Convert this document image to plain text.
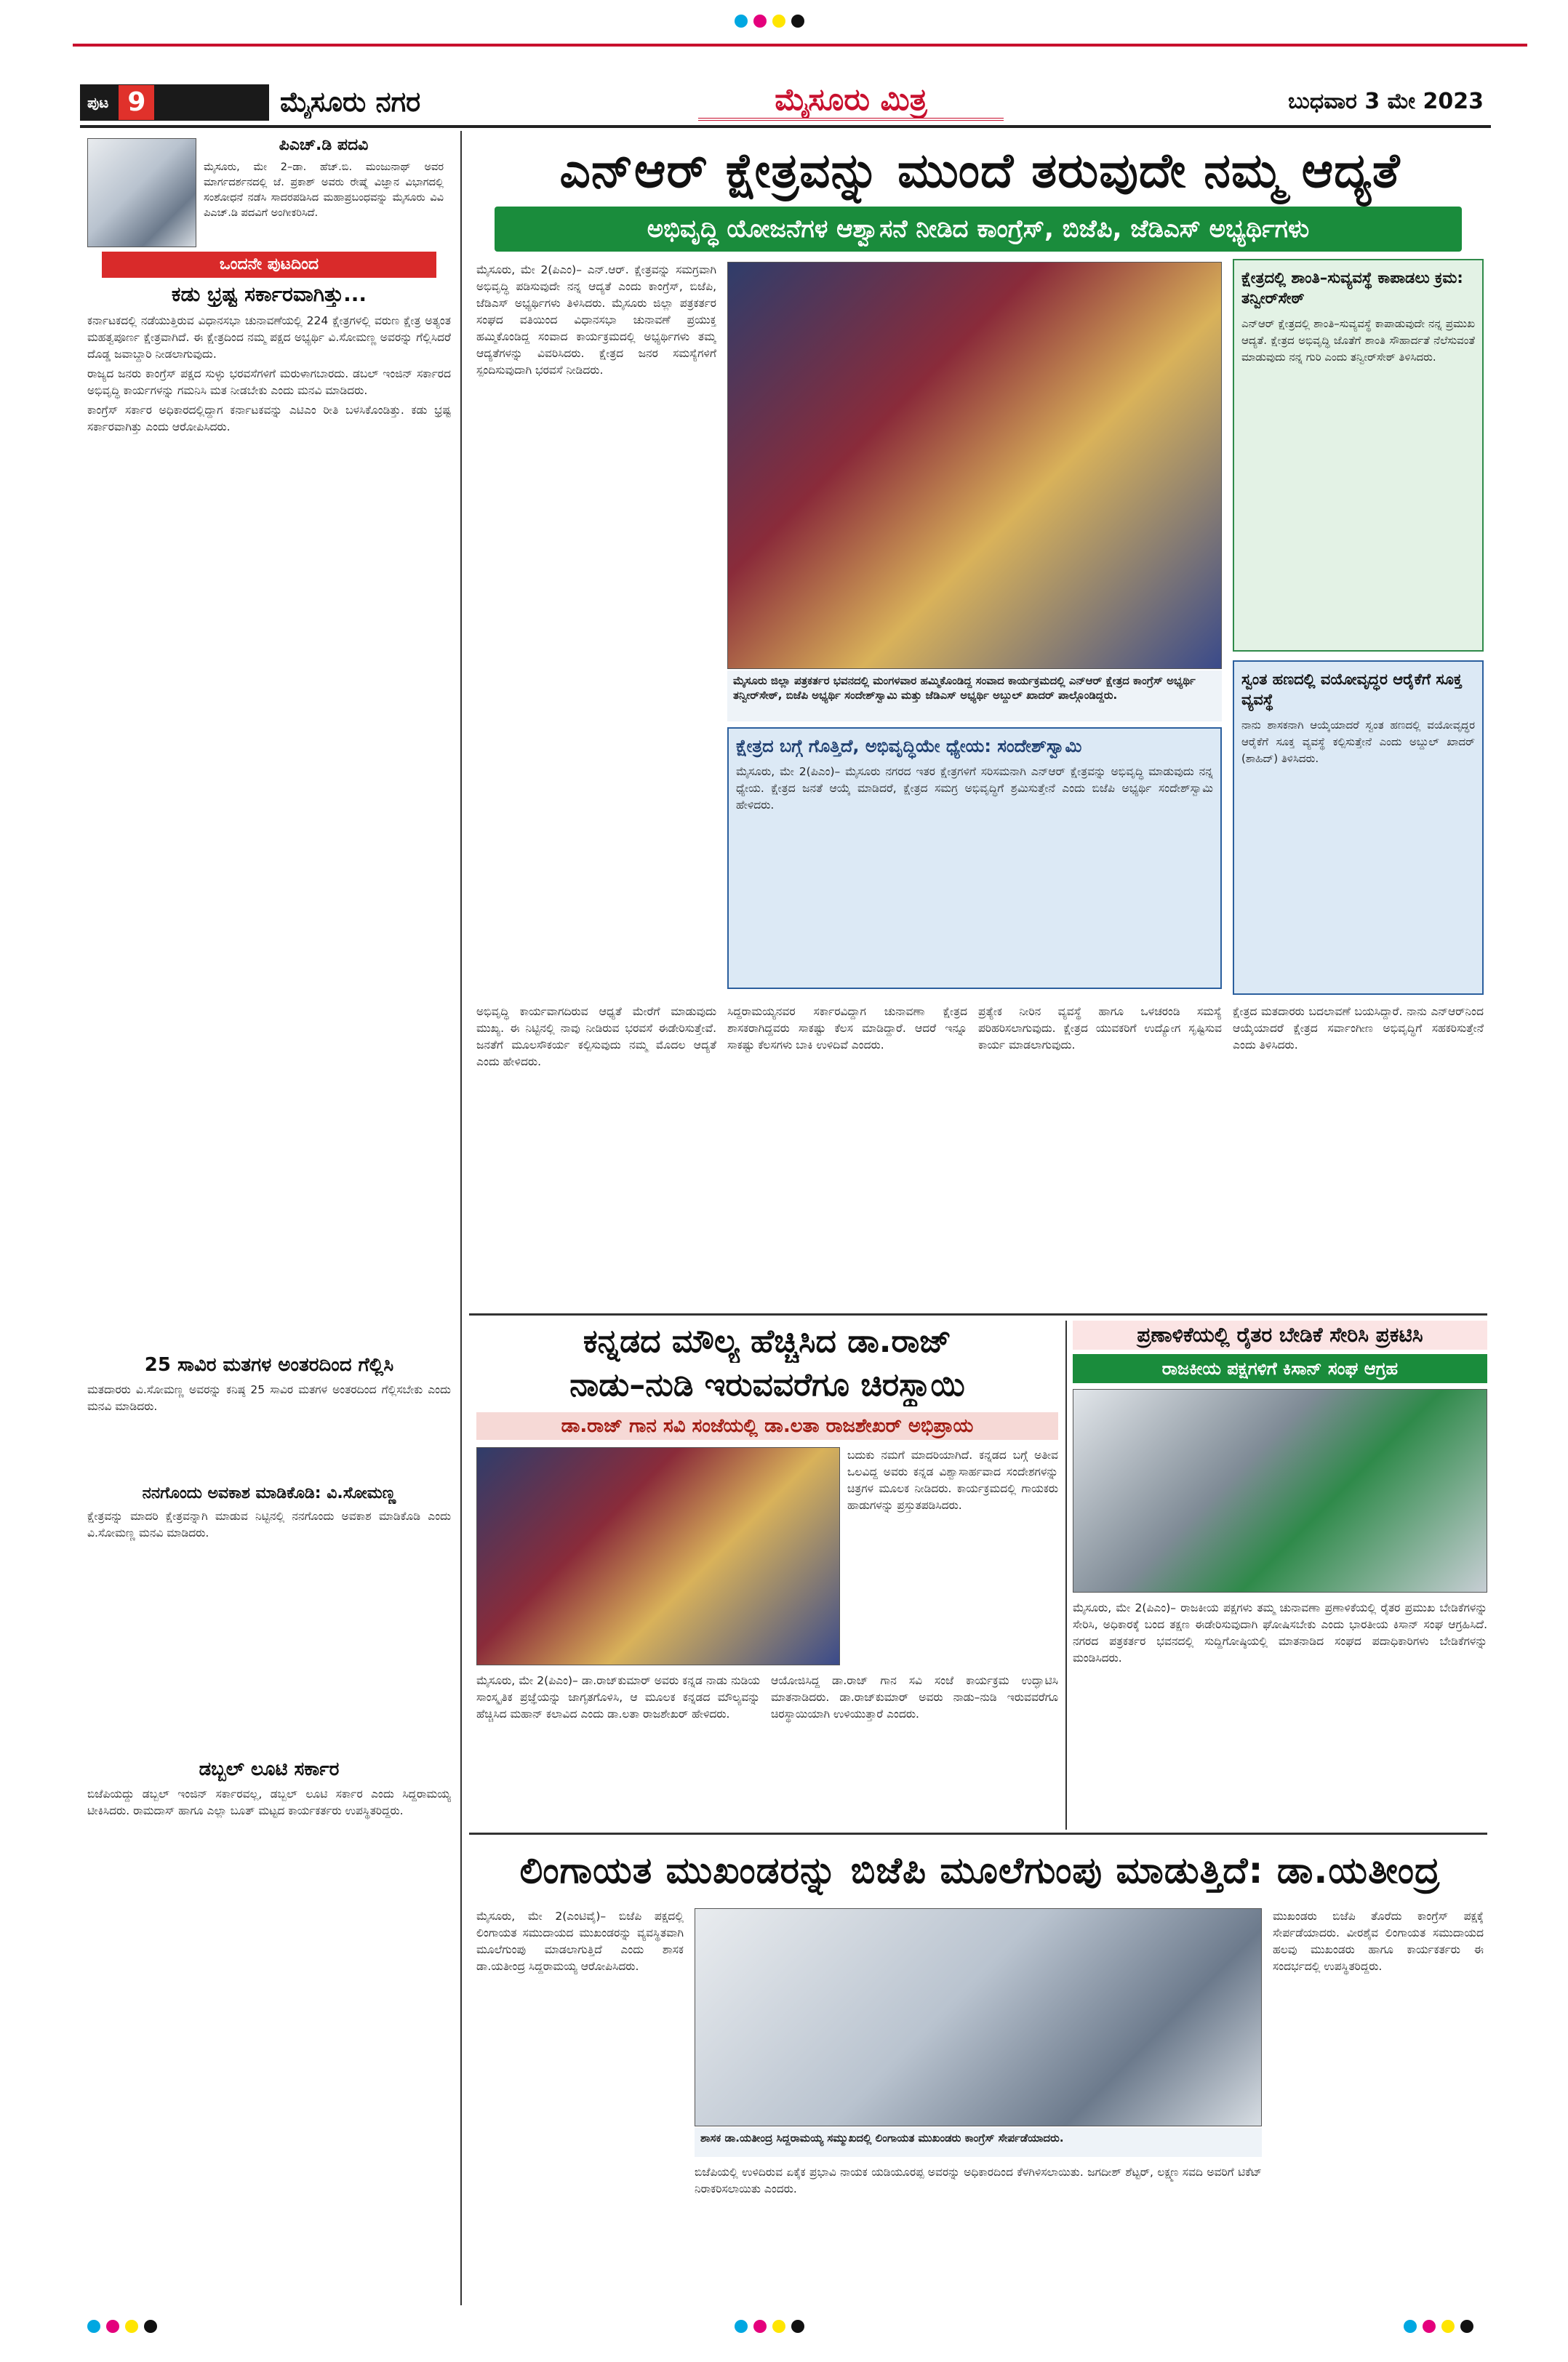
ಪುಟ 9	ಮೈಸೂರು ನಗರ	ಮೈಸೂರು ಮಿತ್ರ	ಬುಧವಾರ 3 ಮೇ 2023
ಪಿಎಚ್‌.ಡಿ ಪದವಿ
ಮೈಸೂರು, ಮೇ 2–ಡಾ. ಹೆಚ್‌.ಬಿ. ಮಂಜುನಾಥ್ ಅವರ ಮಾರ್ಗದರ್ಶನದಲ್ಲಿ ಜೆ. ಪ್ರಕಾಶ್ ಅವರು ರೇಷ್ಮೆ ವಿಜ್ಞಾನ ವಿಭಾಗದಲ್ಲಿ ಸಂಶೋಧನೆ ನಡೆಸಿ ಸಾದರಪಡಿಸಿದ ಮಹಾಪ್ರಬಂಧವನ್ನು ಮೈಸೂರು ವಿವಿ ಪಿಎಚ್‌.ಡಿ ಪದವಿಗೆ ಅಂಗೀಕರಿಸಿದೆ.
ಒಂದನೇ ಪುಟದಿಂದ
ಕಡು ಭ್ರಷ್ಟ ಸರ್ಕಾರವಾಗಿತ್ತು...

ಕರ್ನಾಟಕದಲ್ಲಿ ನಡೆಯುತ್ತಿರುವ ವಿಧಾನಸಭಾ ಚುನಾವಣೆಯಲ್ಲಿ 224 ಕ್ಷೇತ್ರಗಳಲ್ಲಿ ವರುಣ ಕ್ಷೇತ್ರ ಅತ್ಯಂತ ಮಹತ್ವಪೂರ್ಣ ಕ್ಷೇತ್ರವಾಗಿದೆ. ಈ ಕ್ಷೇತ್ರದಿಂದ ನಮ್ಮ ಪಕ್ಷದ ಅಭ್ಯರ್ಥಿ ವಿ.ಸೋಮಣ್ಣ ಅವರನ್ನು ಗೆಲ್ಲಿಸಿದರೆ ದೊಡ್ಡ ಜವಾಬ್ದಾರಿ ನೀಡಲಾಗುವುದು.

ರಾಜ್ಯದ ಜನರು ಕಾಂಗ್ರೆಸ್ ಪಕ್ಷದ ಸುಳ್ಳು ಭರವಸೆಗಳಿಗೆ ಮರುಳಾಗಬಾರದು. ಡಬಲ್ ಇಂಜಿನ್ ಸರ್ಕಾರದ ಅಭಿವೃದ್ಧಿ ಕಾರ್ಯಗಳನ್ನು ಗಮನಿಸಿ ಮತ ನೀಡಬೇಕು ಎಂದು ಮನವಿ ಮಾಡಿದರು.

ಕಾಂಗ್ರೆಸ್ ಸರ್ಕಾರ ಅಧಿಕಾರದಲ್ಲಿದ್ದಾಗ ಕರ್ನಾಟಕವನ್ನು ಎಟಿಎಂ ರೀತಿ ಬಳಸಿಕೊಂಡಿತ್ತು. ಕಡು ಭ್ರಷ್ಟ ಸರ್ಕಾರವಾಗಿತ್ತು ಎಂದು ಆರೋಪಿಸಿದರು.

25 ಸಾವಿರ ಮತಗಳ ಅಂತರದಿಂದ ಗೆಲ್ಲಿಸಿ
ಮತದಾರರು ವಿ.ಸೋಮಣ್ಣ ಅವರನ್ನು ಕನಿಷ್ಠ 25 ಸಾವಿರ ಮತಗಳ ಅಂತರದಿಂದ ಗೆಲ್ಲಿಸಬೇಕು ಎಂದು ಮನವಿ ಮಾಡಿದರು.
ನನಗೊಂದು ಅವಕಾಶ ಮಾಡಿಕೊಡಿ: ವಿ.ಸೋಮಣ್ಣ
ಕ್ಷೇತ್ರವನ್ನು ಮಾದರಿ ಕ್ಷೇತ್ರವನ್ನಾಗಿ ಮಾಡುವ ನಿಟ್ಟಿನಲ್ಲಿ ನನಗೊಂದು ಅವಕಾಶ ಮಾಡಿಕೊಡಿ ಎಂದು ವಿ.ಸೋಮಣ್ಣ ಮನವಿ ಮಾಡಿದರು.
ಡಬ್ಬಲ್ ಲೂಟಿ ಸರ್ಕಾರ
ಬಿಜೆಪಿಯದ್ದು ಡಬ್ಬಲ್ ಇಂಜಿನ್ ಸರ್ಕಾರವಲ್ಲ, ಡಬ್ಬಲ್ ಲೂಟಿ ಸರ್ಕಾರ ಎಂದು ಸಿದ್ದರಾಮಯ್ಯ ಟೀಕಿಸಿದರು. ರಾಮದಾಸ್ ಹಾಗೂ ಎಲ್ಲಾ ಬೂತ್ ಮಟ್ಟದ ಕಾರ್ಯಕರ್ತರು ಉಪಸ್ಥಿತರಿದ್ದರು.
ಎನ್‌ಆರ್ ಕ್ಷೇತ್ರವನ್ನು ಮುಂದೆ ತರುವುದೇ ನಮ್ಮ ಆದ್ಯತೆ
ಅಭಿವೃದ್ಧಿ ಯೋಜನೆಗಳ ಆಶ್ವಾಸನೆ ನೀಡಿದ ಕಾಂಗ್ರೆಸ್, ಬಿಜೆಪಿ, ಜೆಡಿಎಸ್ ಅಭ್ಯರ್ಥಿಗಳು
ಮೈಸೂರು, ಮೇ 2(ಪಿಎಂ)– ಎನ್‌.ಆರ್. ಕ್ಷೇತ್ರವನ್ನು ಸಮಗ್ರವಾಗಿ ಅಭಿವೃದ್ಧಿ ಪಡಿಸುವುದೇ ನನ್ನ ಆದ್ಯತೆ ಎಂದು ಕಾಂಗ್ರೆಸ್, ಬಿಜೆಪಿ, ಜೆಡಿಎಸ್ ಅಭ್ಯರ್ಥಿಗಳು ತಿಳಿಸಿದರು. ಮೈಸೂರು ಜಿಲ್ಲಾ ಪತ್ರಕರ್ತರ ಸಂಘದ ವತಿಯಿಂದ ವಿಧಾನಸಭಾ ಚುನಾವಣೆ ಪ್ರಯುಕ್ತ ಹಮ್ಮಿಕೊಂಡಿದ್ದ ಸಂವಾದ ಕಾರ್ಯಕ್ರಮದಲ್ಲಿ ಅಭ್ಯರ್ಥಿಗಳು ತಮ್ಮ ಆದ್ಯತೆಗಳನ್ನು ವಿವರಿಸಿದರು. ಕ್ಷೇತ್ರದ ಜನರ ಸಮಸ್ಯೆಗಳಿಗೆ ಸ್ಪಂದಿಸುವುದಾಗಿ ಭರವಸೆ ನೀಡಿದರು.
ಮೈಸೂರು ಜಿಲ್ಲಾ ಪತ್ರಕರ್ತರ ಭವನದಲ್ಲಿ ಮಂಗಳವಾರ ಹಮ್ಮಿಕೊಂಡಿದ್ದ ಸಂವಾದ ಕಾರ್ಯಕ್ರಮದಲ್ಲಿ ಎನ್‌ಆರ್ ಕ್ಷೇತ್ರದ ಕಾಂಗ್ರೆಸ್ ಅಭ್ಯರ್ಥಿ ತನ್ವೀರ್‌ಸೇಠ್, ಬಿಜೆಪಿ ಅಭ್ಯರ್ಥಿ ಸಂದೇಶ್‌ಸ್ವಾಮಿ ಮತ್ತು ಜೆಡಿಎಸ್ ಅಭ್ಯರ್ಥಿ ಅಬ್ದುಲ್ ಖಾದರ್ ಪಾಲ್ಗೊಂಡಿದ್ದರು.
ಕ್ಷೇತ್ರದಲ್ಲಿ ಶಾಂತಿ–ಸುವ್ಯವಸ್ಥೆ ಕಾಪಾಡಲು ಕ್ರಮ: ತನ್ವೀರ್‌ಸೇಠ್
ಎನ್‌ಆರ್ ಕ್ಷೇತ್ರದಲ್ಲಿ ಶಾಂತಿ–ಸುವ್ಯವಸ್ಥೆ ಕಾಪಾಡುವುದೇ ನನ್ನ ಪ್ರಮುಖ ಆದ್ಯತೆ. ಕ್ಷೇತ್ರದ ಅಭಿವೃದ್ಧಿ ಜೊತೆಗೆ ಶಾಂತಿ ಸೌಹಾರ್ದತೆ ನೆಲೆಸುವಂತೆ ಮಾಡುವುದು ನನ್ನ ಗುರಿ ಎಂದು ತನ್ವೀರ್‌ಸೇಠ್ ತಿಳಿಸಿದರು.
ಸ್ವಂತ ಹಣದಲ್ಲಿ ವಯೋವೃದ್ಧರ ಆರೈಕೆಗೆ ಸೂಕ್ತ ವ್ಯವಸ್ಥೆ
ನಾನು ಶಾಸಕನಾಗಿ ಆಯ್ಕೆಯಾದರೆ ಸ್ವಂತ ಹಣದಲ್ಲಿ ವಯೋವೃದ್ಧರ ಆರೈಕೆಗೆ ಸೂಕ್ತ ವ್ಯವಸ್ಥೆ ಕಲ್ಪಿಸುತ್ತೇನೆ ಎಂದು ಅಬ್ದುಲ್ ಖಾದರ್ (ಶಾಹಿದ್) ತಿಳಿಸಿದರು.
ಕ್ಷೇತ್ರದ ಬಗ್ಗೆ ಗೊತ್ತಿದೆ, ಅಭಿವೃದ್ಧಿಯೇ ಧ್ಯೇಯ: ಸಂದೇಶ್‌ಸ್ವಾಮಿ
ಮೈಸೂರು, ಮೇ 2(ಪಿಎಂ)– ಮೈಸೂರು ನಗರದ ಇತರ ಕ್ಷೇತ್ರಗಳಿಗೆ ಸರಿಸಮನಾಗಿ ಎನ್‌ಆರ್ ಕ್ಷೇತ್ರವನ್ನು ಅಭಿವೃದ್ಧಿ ಮಾಡುವುದು ನನ್ನ ಧ್ಯೇಯ. ಕ್ಷೇತ್ರದ ಜನತೆ ಆಯ್ಕೆ ಮಾಡಿದರೆ, ಕ್ಷೇತ್ರದ ಸಮಗ್ರ ಅಭಿವೃದ್ಧಿಗೆ ಶ್ರಮಿಸುತ್ತೇನೆ ಎಂದು ಬಿಜೆಪಿ ಅಭ್ಯರ್ಥಿ ಸಂದೇಶ್‌ಸ್ವಾಮಿ ಹೇಳಿದರು.
ಅಭಿವೃದ್ಧಿ ಕಾರ್ಯವಾಗದಿರುವ ಆಧ್ಯತೆ ಮೇರೆಗೆ ಮಾಡುವುದು ಮುಖ್ಯ. ಈ ನಿಟ್ಟಿನಲ್ಲಿ ನಾವು ನೀಡಿರುವ ಭರವಸೆ ಈಡೇರಿಸುತ್ತೇವೆ. ಜನತೆಗೆ ಮೂಲಸೌಕರ್ಯ ಕಲ್ಪಿಸುವುದು ನಮ್ಮ ಮೊದಲ ಆದ್ಯತೆ ಎಂದು ಹೇಳಿದರು.
ಸಿದ್ದರಾಮಯ್ಯನವರ ಸರ್ಕಾರವಿದ್ದಾಗ ಚುನಾವಣಾ ಕ್ಷೇತ್ರದ ಶಾಸಕರಾಗಿದ್ದವರು ಸಾಕಷ್ಟು ಕೆಲಸ ಮಾಡಿದ್ದಾರೆ. ಆದರೆ ಇನ್ನೂ ಸಾಕಷ್ಟು ಕೆಲಸಗಳು ಬಾಕಿ ಉಳಿದಿವೆ ಎಂದರು.
ಪ್ರತ್ಯೇಕ ನೀರಿನ ವ್ಯವಸ್ಥೆ ಹಾಗೂ ಒಳಚರಂಡಿ ಸಮಸ್ಯೆ ಪರಿಹರಿಸಲಾಗುವುದು. ಕ್ಷೇತ್ರದ ಯುವಕರಿಗೆ ಉದ್ಯೋಗ ಸೃಷ್ಟಿಸುವ ಕಾರ್ಯ ಮಾಡಲಾಗುವುದು.
ಕ್ಷೇತ್ರದ ಮತದಾರರು ಬದಲಾವಣೆ ಬಯಸಿದ್ದಾರೆ. ನಾನು ಎನ್‌ಆರ್‌ನಿಂದ ಆಯ್ಕೆಯಾದರೆ ಕ್ಷೇತ್ರದ ಸರ್ವಾಂಗೀಣ ಅಭಿವೃದ್ಧಿಗೆ ಸಹಕರಿಸುತ್ತೇನೆ ಎಂದು ತಿಳಿಸಿದರು.
ಕನ್ನಡದ ಮೌಲ್ಯ ಹೆಚ್ಚಿಸಿದ ಡಾ.ರಾಜ್
ನಾಡು–ನುಡಿ ಇರುವವರೆಗೂ ಚಿರಸ್ಥಾಯಿ
ಡಾ.ರಾಜ್ ಗಾನ ಸವಿ ಸಂಜೆಯಲ್ಲಿ ಡಾ.ಲತಾ ರಾಜಶೇಖರ್ ಅಭಿಪ್ರಾಯ
ಬದುಕು ನಮಗೆ ಮಾದರಿಯಾಗಿದೆ. ಕನ್ನಡದ ಬಗ್ಗೆ ಅತೀವ ಒಲವಿದ್ದ ಅವರು ಕನ್ನಡ ವಿಶ್ವಾಸಾರ್ಹವಾದ ಸಂದೇಶಗಳನ್ನು ಚಿತ್ರಗಳ ಮೂಲಕ ನೀಡಿದರು. ಕಾರ್ಯಕ್ರಮದಲ್ಲಿ ಗಾಯಕರು ಹಾಡುಗಳನ್ನು ಪ್ರಸ್ತುತಪಡಿಸಿದರು.
ಮೈಸೂರು, ಮೇ 2(ಪಿಎಂ)– ಡಾ.ರಾಜ್‌ಕುಮಾರ್ ಅವರು ಕನ್ನಡ ನಾಡು ನುಡಿಯ ಸಾಂಸ್ಕೃತಿಕ ಪ್ರಜ್ಞೆಯನ್ನು ಜಾಗೃತಗೊಳಿಸಿ, ಆ ಮೂಲಕ ಕನ್ನಡದ ಮೌಲ್ಯವನ್ನು ಹೆಚ್ಚಿಸಿದ ಮಹಾನ್ ಕಲಾವಿದ ಎಂದು ಡಾ.ಲತಾ ರಾಜಶೇಖರ್ ಹೇಳಿದರು.
ಆಯೋಜಿಸಿದ್ದ ಡಾ.ರಾಜ್ ಗಾನ ಸವಿ ಸಂಜೆ ಕಾರ್ಯಕ್ರಮ ಉದ್ಘಾಟಿಸಿ ಮಾತನಾಡಿದರು. ಡಾ.ರಾಜ್‌ಕುಮಾರ್ ಅವರು ನಾಡು–ನುಡಿ ಇರುವವರೆಗೂ ಚಿರಸ್ಥಾಯಿಯಾಗಿ ಉಳಿಯುತ್ತಾರೆ ಎಂದರು.
ಪ್ರಣಾಳಿಕೆಯಲ್ಲಿ ರೈತರ ಬೇಡಿಕೆ ಸೇರಿಸಿ ಪ್ರಕಟಿಸಿ
ರಾಜಕೀಯ ಪಕ್ಷಗಳಿಗೆ ಕಿಸಾನ್ ಸಂಘ ಆಗ್ರಹ
ಮೈಸೂರು, ಮೇ 2(ಪಿಎಂ)– ರಾಜಕೀಯ ಪಕ್ಷಗಳು ತಮ್ಮ ಚುನಾವಣಾ ಪ್ರಣಾಳಿಕೆಯಲ್ಲಿ ರೈತರ ಪ್ರಮುಖ ಬೇಡಿಕೆಗಳನ್ನು ಸೇರಿಸಿ, ಅಧಿಕಾರಕ್ಕೆ ಬಂದ ತಕ್ಷಣ ಈಡೇರಿಸುವುದಾಗಿ ಘೋಷಿಸಬೇಕು ಎಂದು ಭಾರತೀಯ ಕಿಸಾನ್ ಸಂಘ ಆಗ್ರಹಿಸಿದೆ. ನಗರದ ಪತ್ರಕರ್ತರ ಭವನದಲ್ಲಿ ಸುದ್ದಿಗೋಷ್ಠಿಯಲ್ಲಿ ಮಾತನಾಡಿದ ಸಂಘದ ಪದಾಧಿಕಾರಿಗಳು ಬೇಡಿಕೆಗಳನ್ನು ಮಂಡಿಸಿದರು.
ಲಿಂಗಾಯತ ಮುಖಂಡರನ್ನು ಬಿಜೆಪಿ ಮೂಲೆಗುಂಪು ಮಾಡುತ್ತಿದೆ: ಡಾ.ಯತೀಂದ್ರ
ಮೈಸೂರು, ಮೇ 2(ಎಂಟಿವೈ)– ಬಿಜೆಪಿ ಪಕ್ಷದಲ್ಲಿ ಲಿಂಗಾಯತ ಸಮುದಾಯದ ಮುಖಂಡರನ್ನು ವ್ಯವಸ್ಥಿತವಾಗಿ ಮೂಲೆಗುಂಪು ಮಾಡಲಾಗುತ್ತಿದೆ ಎಂದು ಶಾಸಕ ಡಾ.ಯತೀಂದ್ರ ಸಿದ್ದರಾಮಯ್ಯ ಆರೋಪಿಸಿದರು.
ಶಾಸಕ ಡಾ.ಯತೀಂದ್ರ ಸಿದ್ದರಾಮಯ್ಯ ಸಮ್ಮುಖದಲ್ಲಿ ಲಿಂಗಾಯತ ಮುಖಂಡರು ಕಾಂಗ್ರೆಸ್ ಸೇರ್ಪಡೆಯಾದರು.
ಬಿಜೆಪಿಯಲ್ಲಿ ಉಳಿದಿರುವ ಏಕೈಕ ಪ್ರಭಾವಿ ನಾಯಕ ಯಡಿಯೂರಪ್ಪ ಅವರನ್ನು ಅಧಿಕಾರದಿಂದ ಕೆಳಗಿಳಿಸಲಾಯಿತು. ಜಗದೀಶ್ ಶೆಟ್ಟರ್, ಲಕ್ಷ್ಮಣ ಸವದಿ ಅವರಿಗೆ ಟಿಕೆಟ್ ನಿರಾಕರಿಸಲಾಯಿತು ಎಂದರು.
ಮುಖಂಡರು ಬಿಜೆಪಿ ತೊರೆದು ಕಾಂಗ್ರೆಸ್ ಪಕ್ಷಕ್ಕೆ ಸೇರ್ಪಡೆಯಾದರು. ವೀರಶೈವ ಲಿಂಗಾಯತ ಸಮುದಾಯದ ಹಲವು ಮುಖಂಡರು ಹಾಗೂ ಕಾರ್ಯಕರ್ತರು ಈ ಸಂದರ್ಭದಲ್ಲಿ ಉಪಸ್ಥಿತರಿದ್ದರು.
